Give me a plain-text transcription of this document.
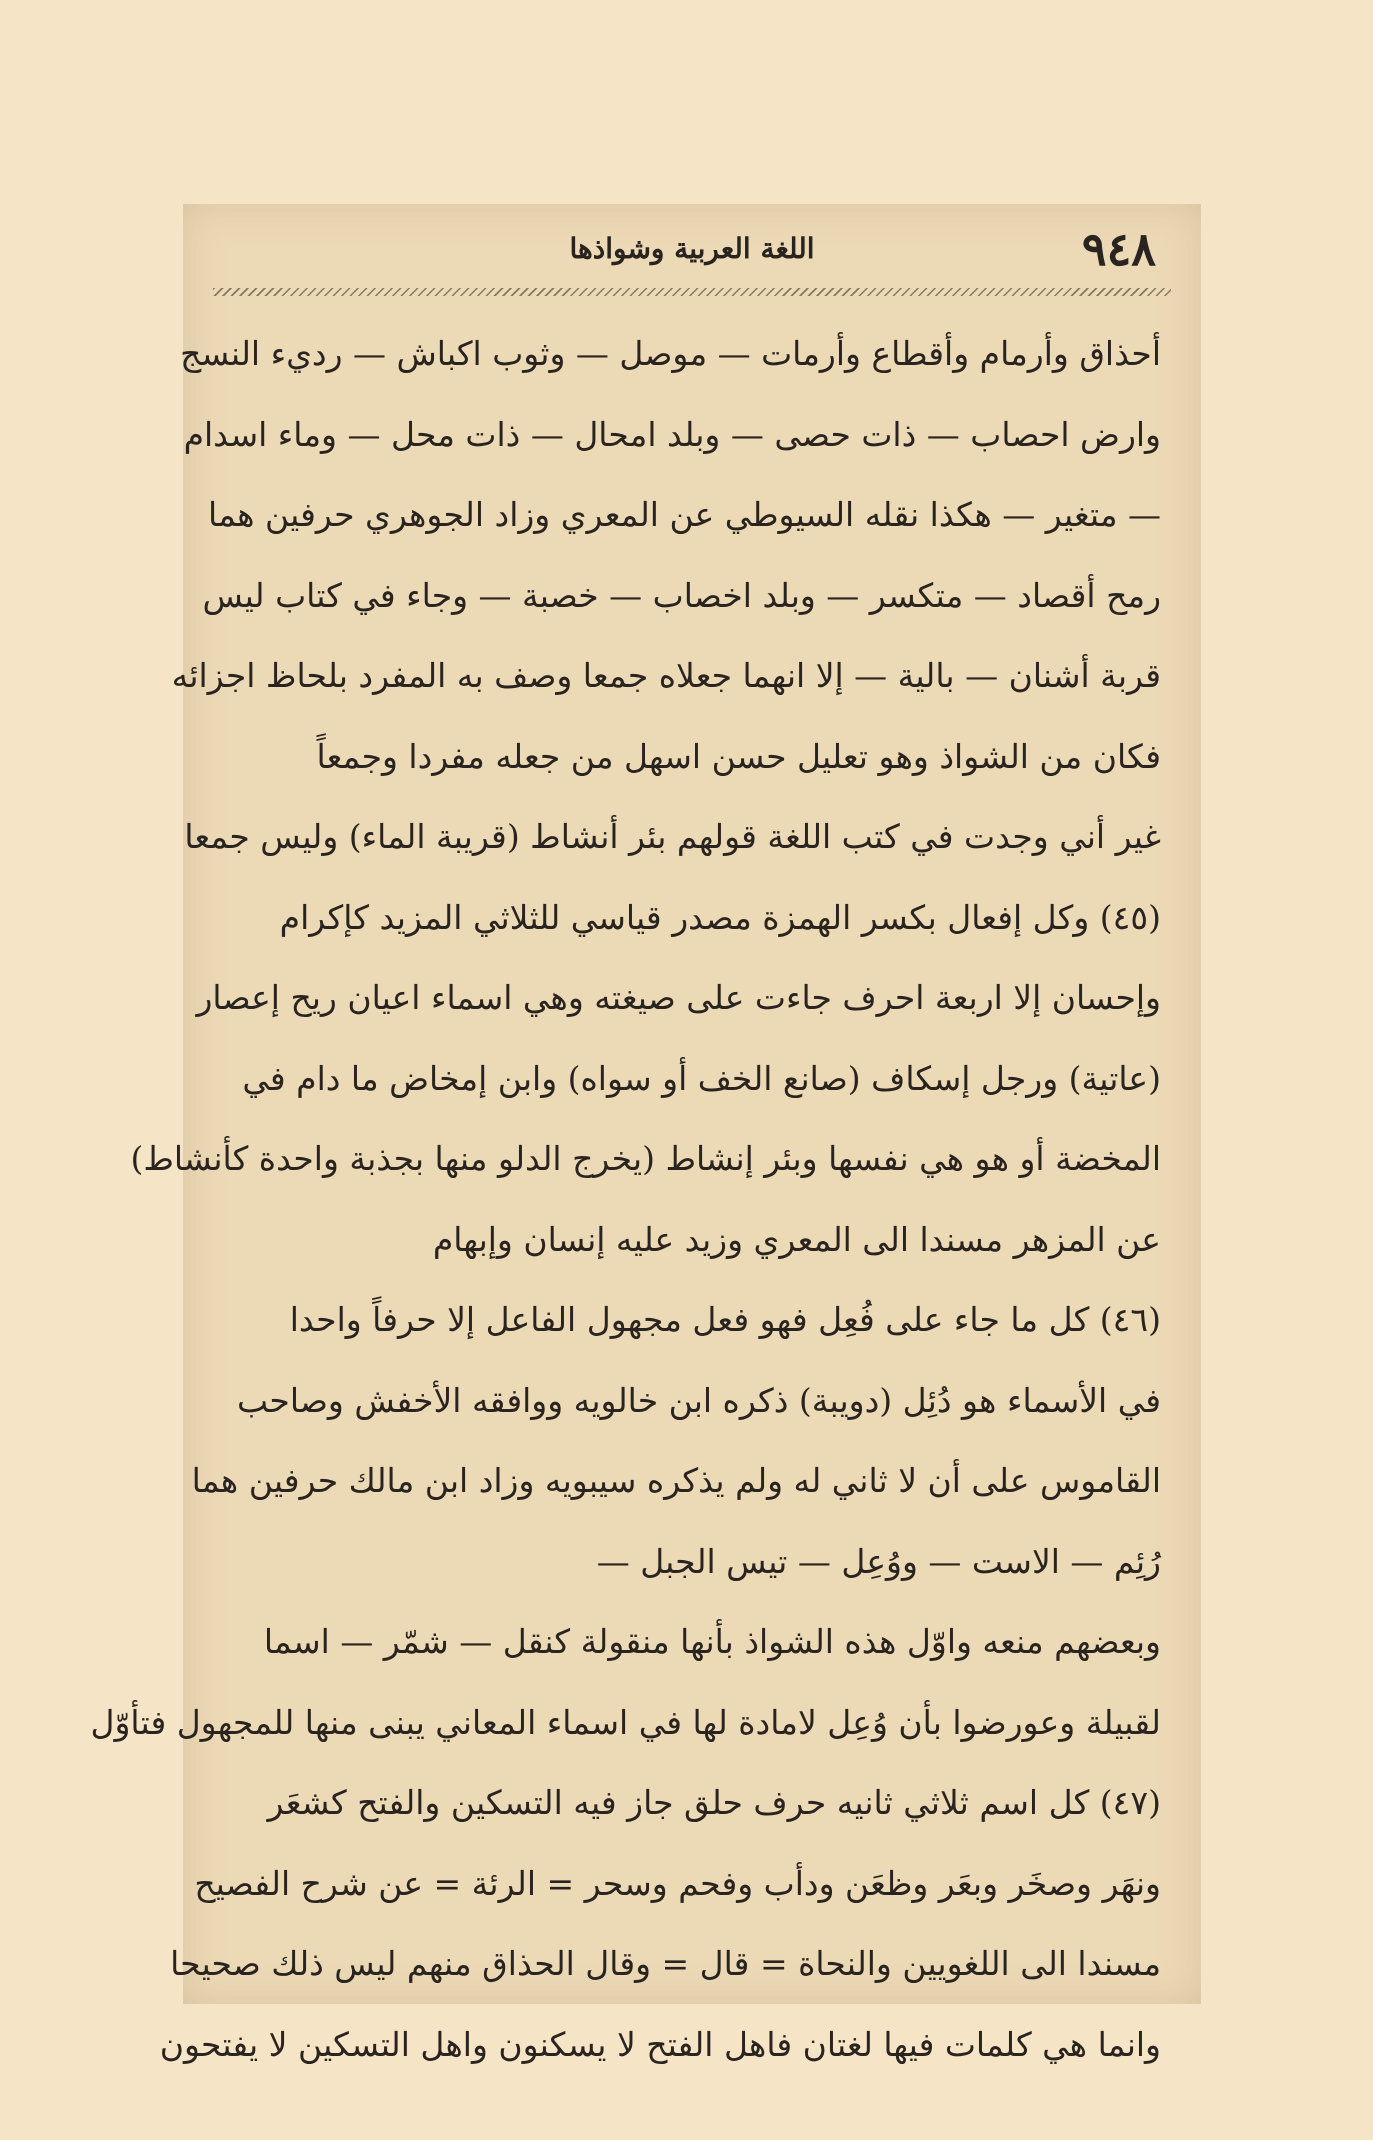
٩٤٨
اللغة العربية وشواذها
أحذاق وأرمام وأقطاع وأرمات — موصل — وثوب اكباش — رديء النسج
وارض احصاب — ذات حصى — وبلد امحال — ذات محل — وماء اسدام
— متغير — هكذا نقله السيوطي عن المعري وزاد الجوهري حرفين هما
رمح أقصاد — متكسر — وبلد اخصاب — خصبة — وجاء في كتاب ليس
قربة أشنان — بالية — إلا انهما جعلاه جمعا وصف به المفرد بلحاظ اجزائه
فكان من الشواذ وهو تعليل حسن اسهل من جعله مفردا وجمعاً
غير أني وجدت في كتب اللغة قولهم بئر أنشاط (قريبة الماء) وليس جمعا
(٤٥) وكل إفعال بكسر الهمزة مصدر قياسي للثلاثي المزيد كإكرام
وإحسان إلا اربعة احرف جاءت على صيغته وهي اسماء اعيان ريح إعصار
(عاتية) ورجل إسكاف (صانع الخف أو سواه) وابن إمخاض ما دام في
المخضة أو هو هي نفسها وبئر إنشاط (يخرج الدلو منها بجذبة واحدة كأنشاط)
عن المزهر مسندا الى المعري وزيد عليه إنسان وإبهام
(٤٦) كل ما جاء على فُعِل فهو فعل مجهول الفاعل إلا حرفاً واحدا
في الأسماء هو دُئِل (دويبة) ذكره ابن خالويه ووافقه الأخفش وصاحب
القاموس على أن لا ثاني له ولم يذكره سيبويه وزاد ابن مالك حرفين هما
رُئِم — الاست — ووُعِل — تيس الجبل —
وبعضهم منعه واوّل هذه الشواذ بأنها منقولة كنقل — شمّر — اسما
لقبيلة وعورضوا بأن وُعِل لامادة لها في اسماء المعاني يبنى منها للمجهول فتأوّل
(٤٧) كل اسم ثلاثي ثانيه حرف حلق جاز فيه التسكين والفتح كشعَر
ونهَر وصخَر وبعَر وظعَن ودأب وفحم وسحر = الرئة = عن شرح الفصيح
مسندا الى اللغويين والنحاة = قال = وقال الحذاق منهم ليس ذلك صحيحا
وانما هي كلمات فيها لغتان فاهل الفتح لا يسكنون واهل التسكين لا يفتحون
